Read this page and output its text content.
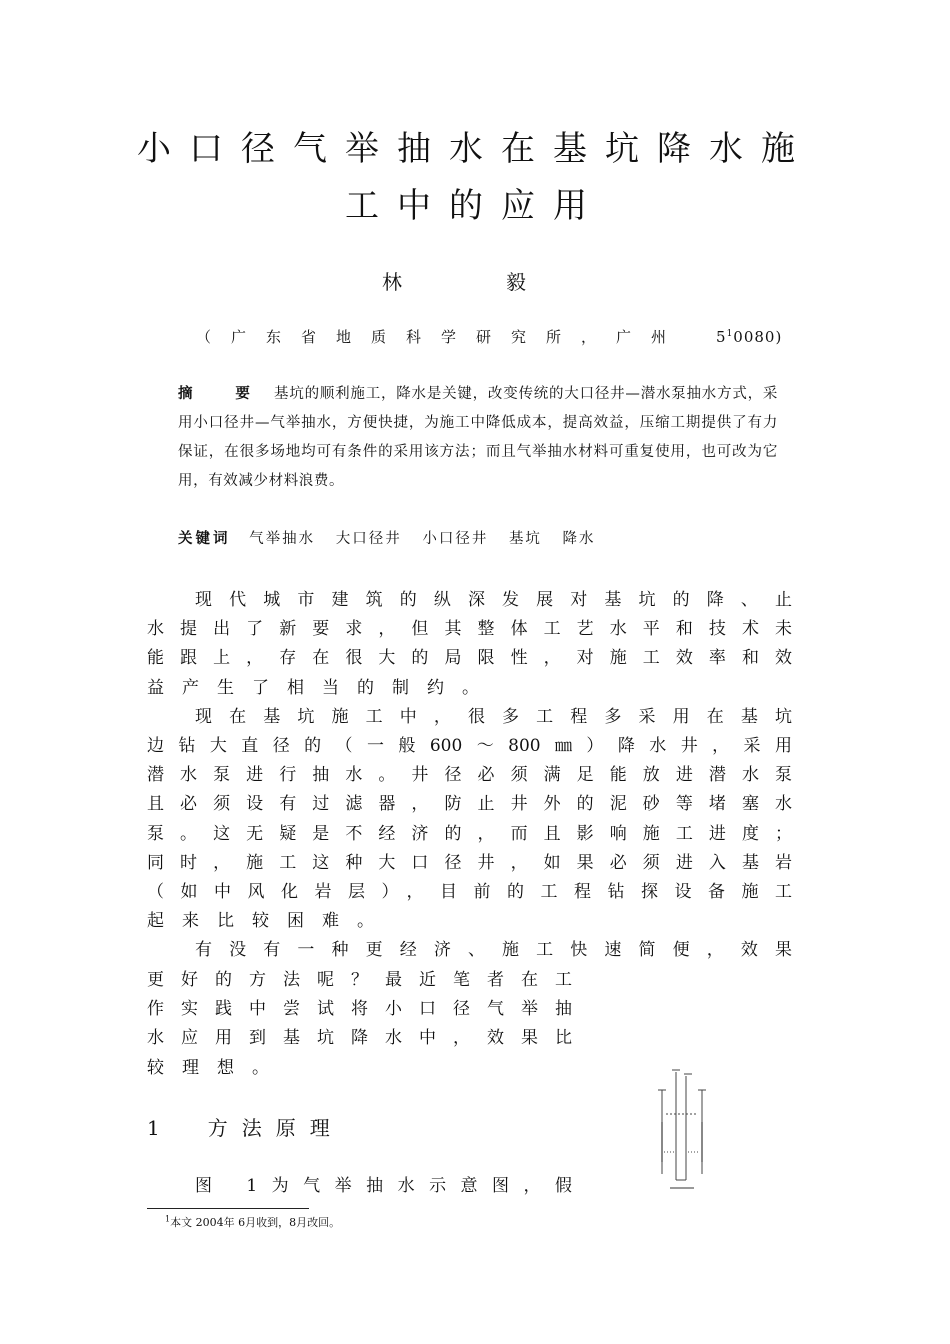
小口径气举抽水在基坑降水施
工中的应用
林　毅
（广东省地质科学研究所，广州 $5^10080$)
摘　要 基坑的顺利施工，降水是关键，改变传统的大口径井—潜水泵抽水方式，采用小口径井—气举抽水，方便快捷，为施工中降低成本，提高效益，压缩工期提供了有力保证，在很多场地均可有条件的采用该方法；而且气举抽水材料可重复使用，也可改为它用，有效减少材料浪费。
关键词 气举抽水 大口径井 小口径井 基坑 降水
现代城市建筑的纵深发展对基坑的降、止
水提出了新要求，但其整体工艺水平和技术未
能跟上，存在很大的局限性，对施工效率和效
益产生了相当的制约。
现在基坑施工中，很多工程多采用在基坑
边钻大直径的（一般600～800㎜）降水井，采用
潜水泵进行抽水。井径必须满足能放进潜水泵
且必须设有过滤器，防止井外的泥砂等堵塞水
泵。这无疑是不经济的，而且影响施工进度；
同时，施工这种大口径井，如果必须进入基岩
（如中风化岩层），目前的工程钻探设备施工
起来比较困难。
有没有一种更经济、施工快速简便，效果
更好的方法呢？最近笔者在工
作实践中尝试将小口径气举抽
水应用到基坑降水中，效果比
较理想。
1　方法原理
图 1为气举抽水示意图，假
$^1$本文 2004年 6月收到，8月改回。
